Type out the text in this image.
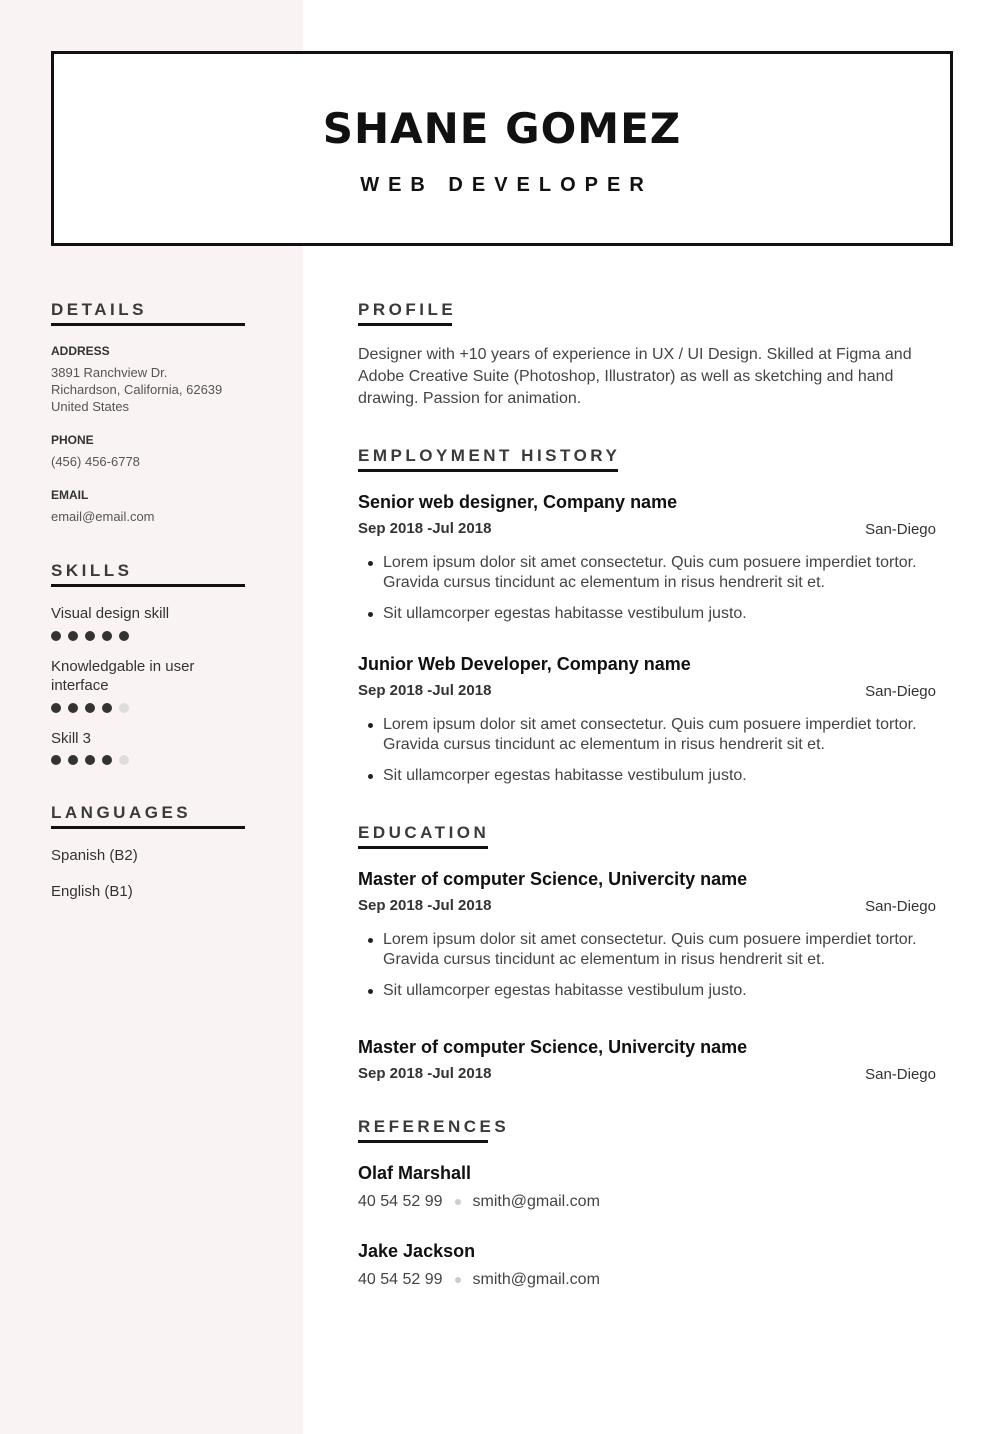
SHANE GOMEZ
WEB DEVELOPER
DETAILS
ADDRESS
3891 Ranchview Dr.
Richardson, California, 62639
United States
PHONE
(456) 456-6778
EMAIL
email@email.com
SKILLS
Visual design skill
Knowledgable in user
interface
Skill 3
LANGUAGES
Spanish (B2)
English (B1)
PROFILE
Designer with +10 years of experience in UX / UI Design. Skilled at Figma and
Adobe Creative Suite (Photoshop, Illustrator) as well as sketching and hand
drawing. Passion for animation.
EMPLOYMENT HISTORY
Senior web designer, Company name
Sep 2018 -Jul 2018	San-Diego
Lorem ipsum dolor sit amet consectetur. Quis cum posuere imperdiet tortor.
Gravida cursus tincidunt ac elementum in risus hendrerit sit et.
Sit ullamcorper egestas habitasse vestibulum justo.
Junior Web Developer, Company name
Sep 2018 -Jul 2018	San-Diego
Lorem ipsum dolor sit amet consectetur. Quis cum posuere imperdiet tortor.
Gravida cursus tincidunt ac elementum in risus hendrerit sit et.
Sit ullamcorper egestas habitasse vestibulum justo.
EDUCATION
Master of computer Science, Univercity name
Sep 2018 -Jul 2018	San-Diego
Lorem ipsum dolor sit amet consectetur. Quis cum posuere imperdiet tortor.
Gravida cursus tincidunt ac elementum in risus hendrerit sit et.
Sit ullamcorper egestas habitasse vestibulum justo.
Master of computer Science, Univercity name
Sep 2018 -Jul 2018	San-Diego
REFERENCES
Olaf Marshall
40 54 52 99 smith@gmail.com
Jake Jackson
40 54 52 99 smith@gmail.com
